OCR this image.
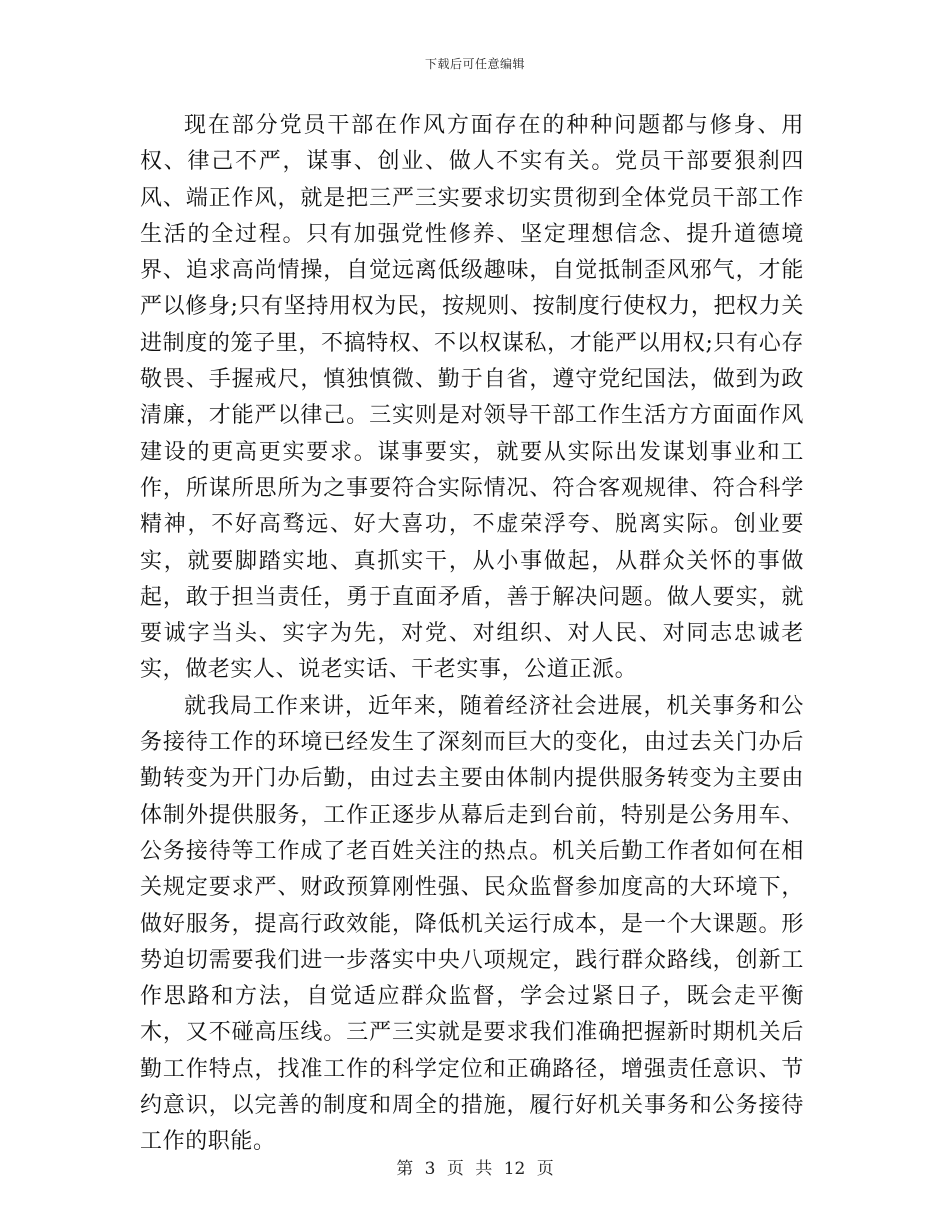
下载后可任意编辑

现在部分党员干部在作风方面存在的种种问题都与修身、用权、律己不严，谋事、创业、做人不实有关。党员干部要狠刹四风、端正作风，就是把三严三实要求切实贯彻到全体党员干部工作生活的全过程。只有加强党性修养、坚定理想信念、提升道德境界、追求高尚情操，自觉远离低级趣味，自觉抵制歪风邪气，才能严以修身;只有坚持用权为民，按规则、按制度行使权力，把权力关进制度的笼子里，不搞特权、不以权谋私，才能严以用权;只有心存敬畏、手握戒尺，慎独慎微、勤于自省，遵守党纪国法，做到为政清廉，才能严以律己。三实则是对领导干部工作生活方方面面作风建设的更高更实要求。谋事要实，就要从实际出发谋划事业和工作，所谋所思所为之事要符合实际情况、符合客观规律、符合科学精神，不好高骛远、好大喜功，不虚荣浮夸、脱离实际。创业要实，就要脚踏实地、真抓实干，从小事做起，从群众关怀的事做起，敢于担当责任，勇于直面矛盾，善于解决问题。做人要实，就要诚字当头、实字为先，对党、对组织、对人民、对同志忠诚老实，做老实人、说老实话、干老实事，公道正派。

就我局工作来讲，近年来，随着经济社会进展，机关事务和公务接待工作的环境已经发生了深刻而巨大的变化，由过去关门办后勤转变为开门办后勤，由过去主要由体制内提供服务转变为主要由体制外提供服务，工作正逐步从幕后走到台前，特别是公务用车、公务接待等工作成了老百姓关注的热点。机关后勤工作者如何在相关规定要求严、财政预算刚性强、民众监督参加度高的大环境下，做好服务，提高行政效能，降低机关运行成本，是一个大课题。形势迫切需要我们进一步落实中央八项规定，践行群众路线，创新工作思路和方法，自觉适应群众监督，学会过紧日子，既会走平衡木，又不碰高压线。三严三实就是要求我们准确把握新时期机关后勤工作特点，找准工作的科学定位和正确路径，增强责任意识、节约意识，以完善的制度和周全的措施，履行好机关事务和公务接待工作的职能。

第 3 页 共 12 页
